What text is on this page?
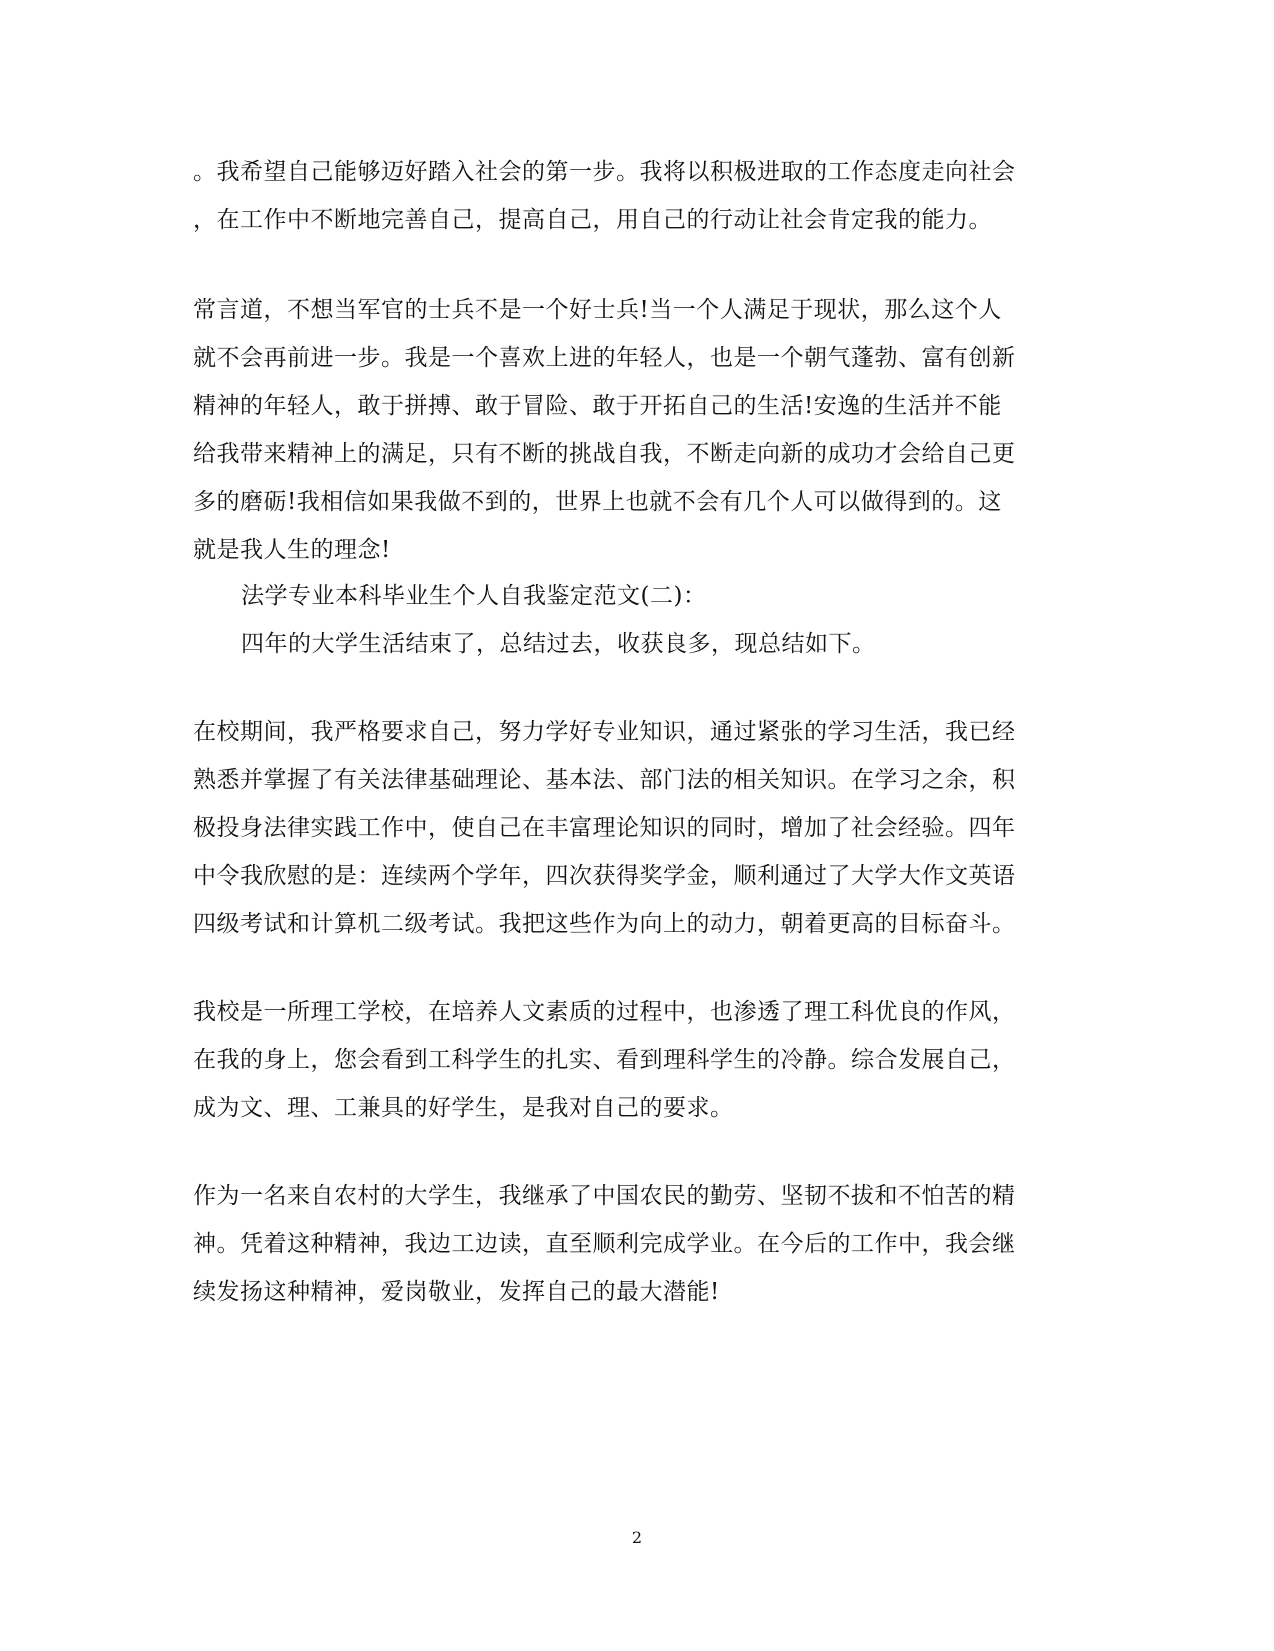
。我希望自己能够迈好踏入社会的第一步。我将以积极进取的工作态度走向社会
，在工作中不断地完善自己，提高自己，用自己的行动让社会肯定我的能力。
常言道，不想当军官的士兵不是一个好士兵!当一个人满足于现状，那么这个人
就不会再前进一步。我是一个喜欢上进的年轻人，也是一个朝气蓬勃、富有创新
精神的年轻人，敢于拼搏、敢于冒险、敢于开拓自己的生活!安逸的生活并不能
给我带来精神上的满足，只有不断的挑战自我，不断走向新的成功才会给自己更
多的磨砺!我相信如果我做不到的，世界上也就不会有几个人可以做得到的。这
就是我人生的理念!
法学专业本科毕业生个人自我鉴定范文(二)：
四年的大学生活结束了，总结过去，收获良多，现总结如下。
在校期间，我严格要求自己，努力学好专业知识，通过紧张的学习生活，我已经
熟悉并掌握了有关法律基础理论、基本法、部门法的相关知识。在学习之余，积
极投身法律实践工作中，使自己在丰富理论知识的同时，增加了社会经验。四年
中令我欣慰的是：连续两个学年，四次获得奖学金，顺利通过了大学大作文英语
四级考试和计算机二级考试。我把这些作为向上的动力，朝着更高的目标奋斗。
我校是一所理工学校，在培养人文素质的过程中，也渗透了理工科优良的作风，
在我的身上，您会看到工科学生的扎实、看到理科学生的冷静。综合发展自己，
成为文、理、工兼具的好学生，是我对自己的要求。
作为一名来自农村的大学生，我继承了中国农民的勤劳、坚韧不拔和不怕苦的精
神。凭着这种精神，我边工边读，直至顺利完成学业。在今后的工作中，我会继
续发扬这种精神，爱岗敬业，发挥自己的最大潜能!
2
